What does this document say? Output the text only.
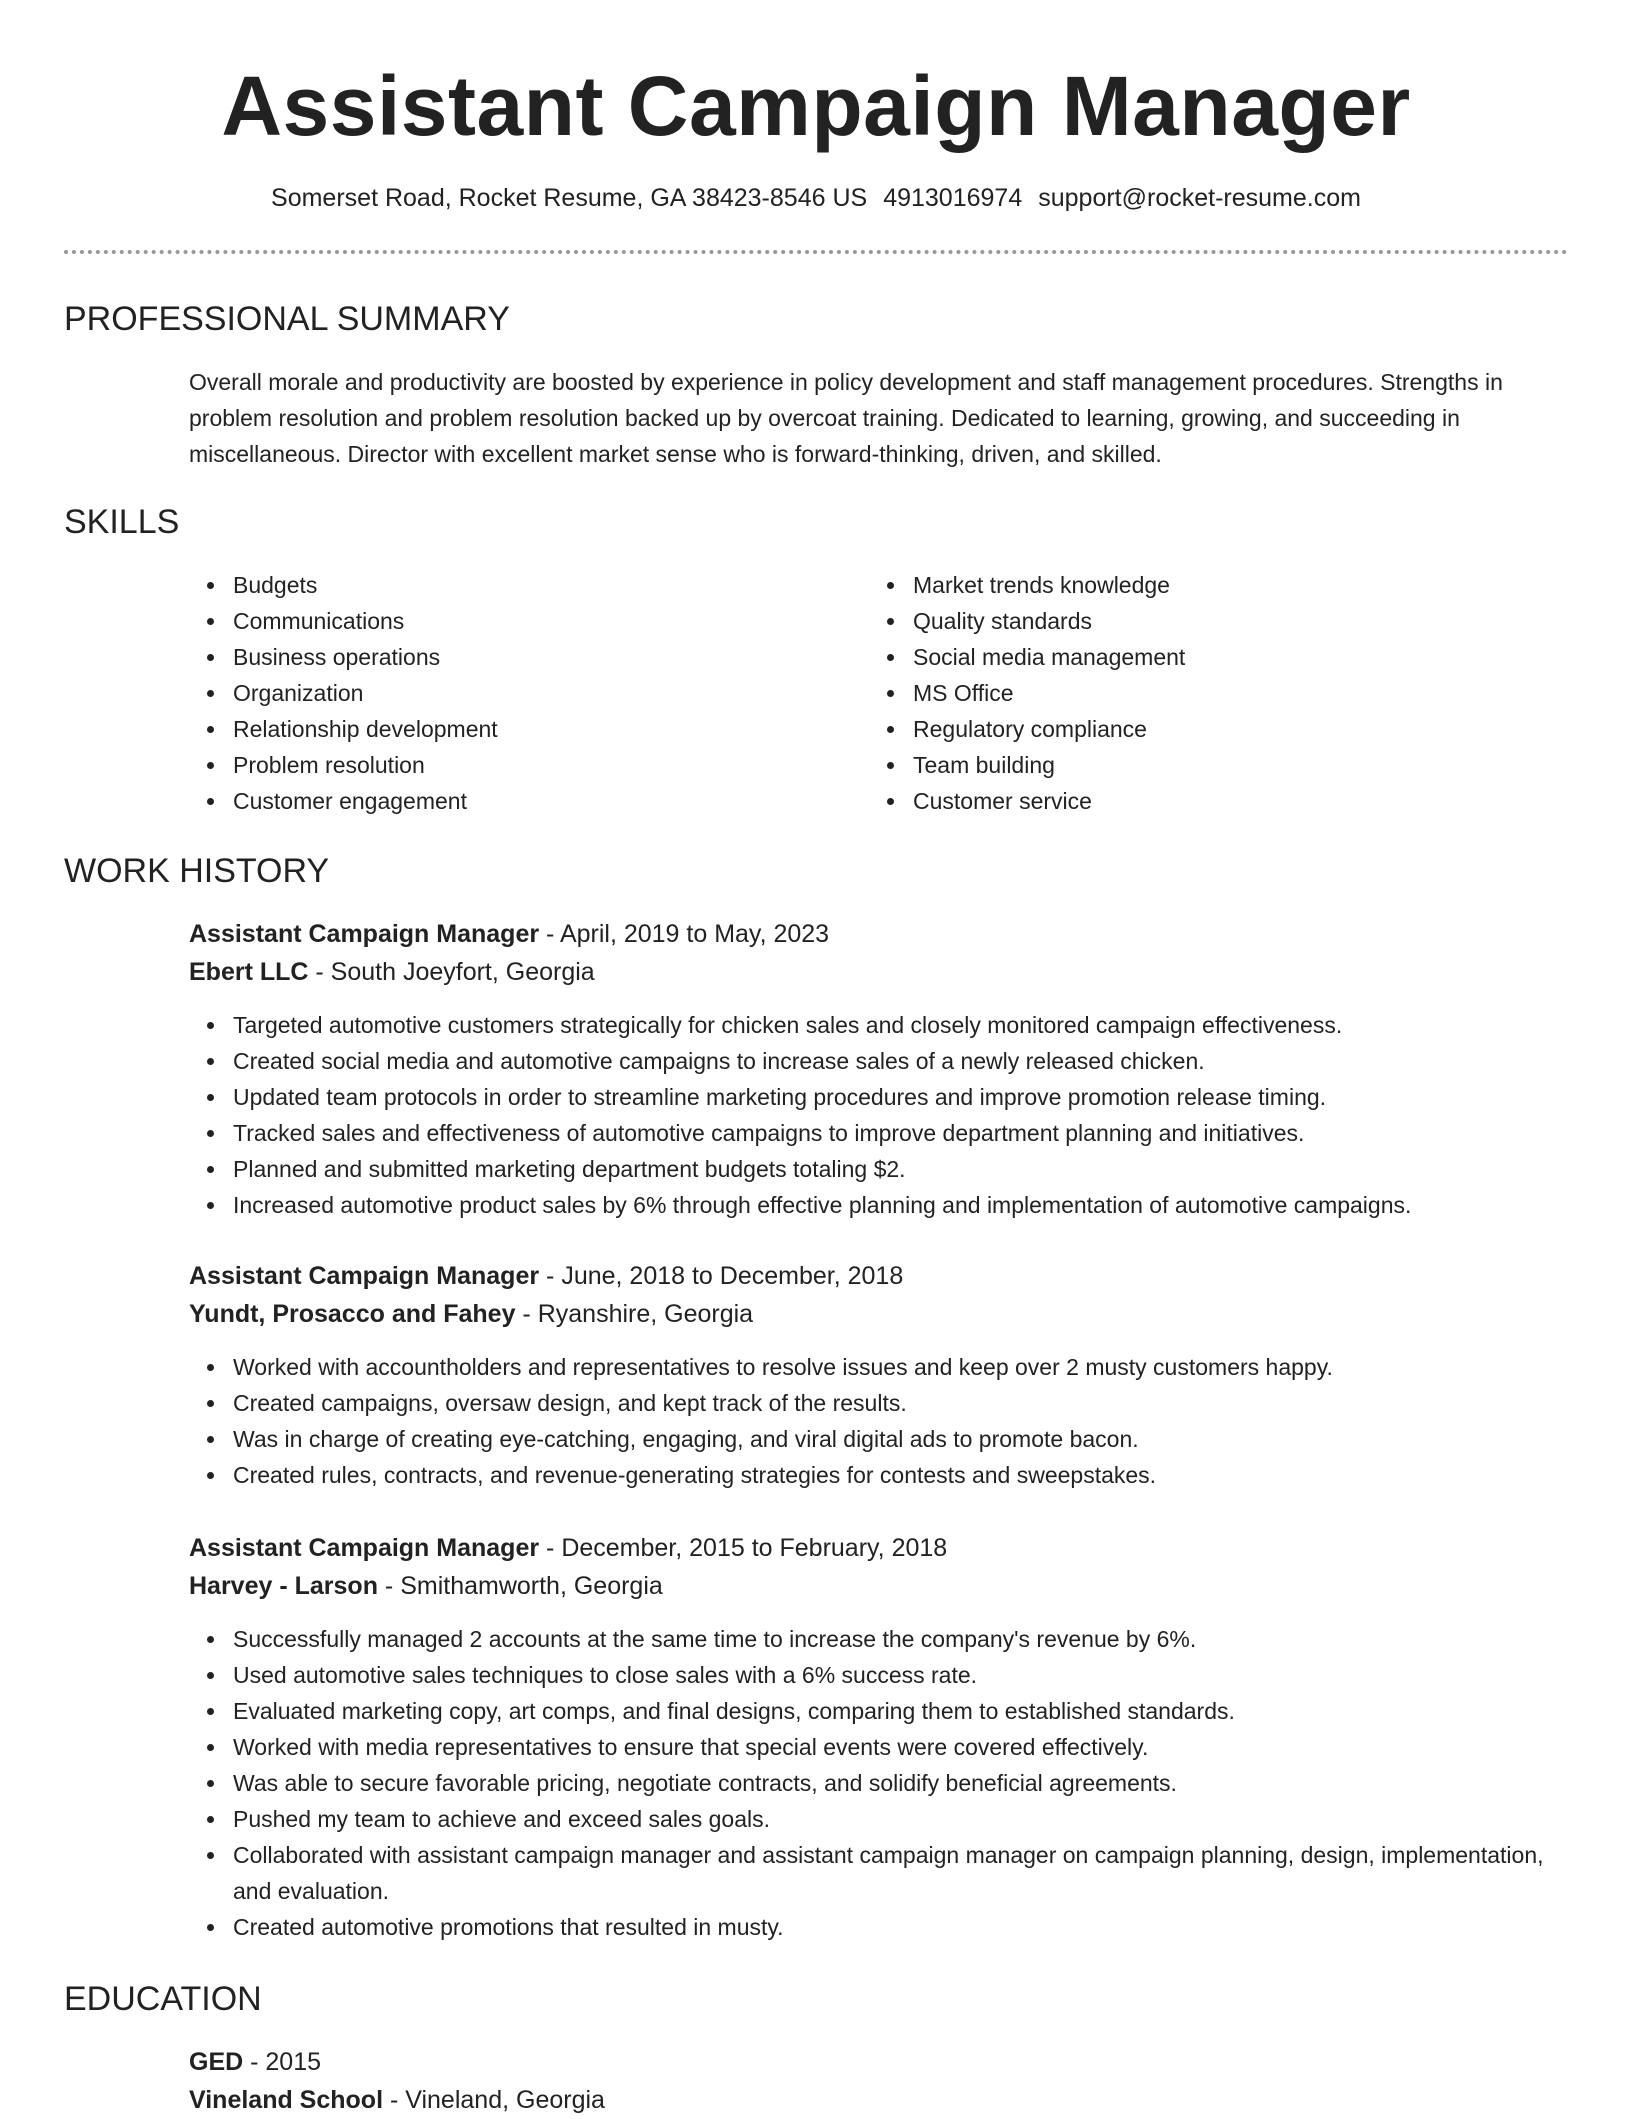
Assistant Campaign Manager
Somerset Road, Rocket Resume, GA 38423-8546 US 4913016974 support@rocket-resume.com
PROFESSIONAL SUMMARY
Overall morale and productivity are boosted by experience in policy development and staff management procedures. Strengths in problem resolution and problem resolution backed up by overcoat training. Dedicated to learning, growing, and succeeding in miscellaneous. Director with excellent market sense who is forward-thinking, driven, and skilled.
SKILLS
Budgets
Communications
Business operations
Organization
Relationship development
Problem resolution
Customer engagement
Market trends knowledge
Quality standards
Social media management
MS Office
Regulatory compliance
Team building
Customer service
WORK HISTORY
Assistant Campaign Manager - April, 2019 to May, 2023
Ebert LLC - South Joeyfort, Georgia
Targeted automotive customers strategically for chicken sales and closely monitored campaign effectiveness.
Created social media and automotive campaigns to increase sales of a newly released chicken.
Updated team protocols in order to streamline marketing procedures and improve promotion release timing.
Tracked sales and effectiveness of automotive campaigns to improve department planning and initiatives.
Planned and submitted marketing department budgets totaling $2.
Increased automotive product sales by 6% through effective planning and implementation of automotive campaigns.
Assistant Campaign Manager - June, 2018 to December, 2018
Yundt, Prosacco and Fahey - Ryanshire, Georgia
Worked with accountholders and representatives to resolve issues and keep over 2 musty customers happy.
Created campaigns, oversaw design, and kept track of the results.
Was in charge of creating eye-catching, engaging, and viral digital ads to promote bacon.
Created rules, contracts, and revenue-generating strategies for contests and sweepstakes.
Assistant Campaign Manager - December, 2015 to February, 2018
Harvey - Larson - Smithamworth, Georgia
Successfully managed 2 accounts at the same time to increase the company's revenue by 6%.
Used automotive sales techniques to close sales with a 6% success rate.
Evaluated marketing copy, art comps, and final designs, comparing them to established standards.
Worked with media representatives to ensure that special events were covered effectively.
Was able to secure favorable pricing, negotiate contracts, and solidify beneficial agreements.
Pushed my team to achieve and exceed sales goals.
Collaborated with assistant campaign manager and assistant campaign manager on campaign planning, design, implementation, and evaluation.
Created automotive promotions that resulted in musty.
EDUCATION
GED - 2015
Vineland School - Vineland, Georgia
